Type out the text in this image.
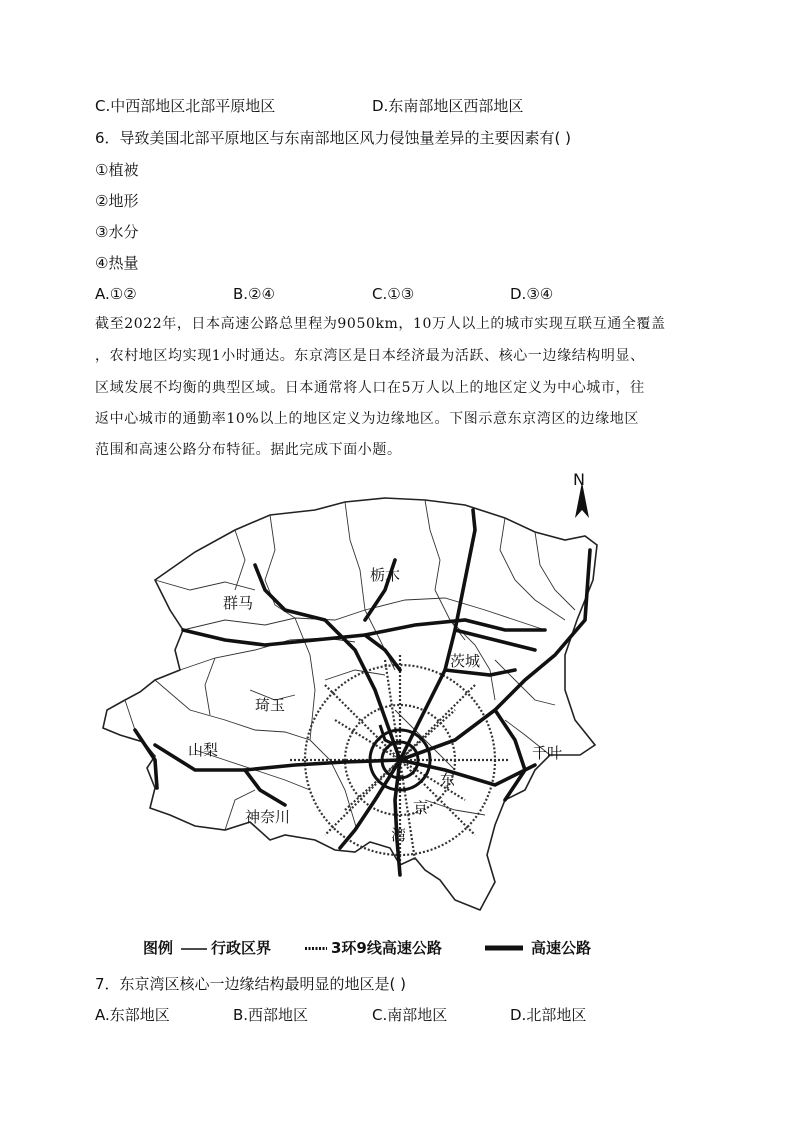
C.中西部地区北部平原地区	D.东南部地区西部地区
6．导致美国北部平原地区与东南部地区风力侵蚀量差异的主要因素有( )
①植被
②地形
③水分
④热量
A.①②	B.②④	C.①③	D.③④
截至2022年，日本高速公路总里程为9050km，10万人以上的城市实现互联互通全覆盖
，农村地区均实现1小时通达。东京湾区是日本经济最为活跃、核心一边缘结构明显、
区域发展不均衡的典型区域。日本通常将人口在5万人以上的地区定义为中心城市，往
返中心城市的通勤率10%以上的地区定义为边缘地区。下图示意东京湾区的边缘地区
范围和高速公路分布特征。据此完成下面小题。
N
栃木
群马
茨城
琦玉
山梨	千叶
神奈川
东
京
湾
图例	行政区界	3环9线高速公路	高速公路
7．东京湾区核心一边缘结构最明显的地区是( )
A.东部地区	B.西部地区	C.南部地区	D.北部地区
